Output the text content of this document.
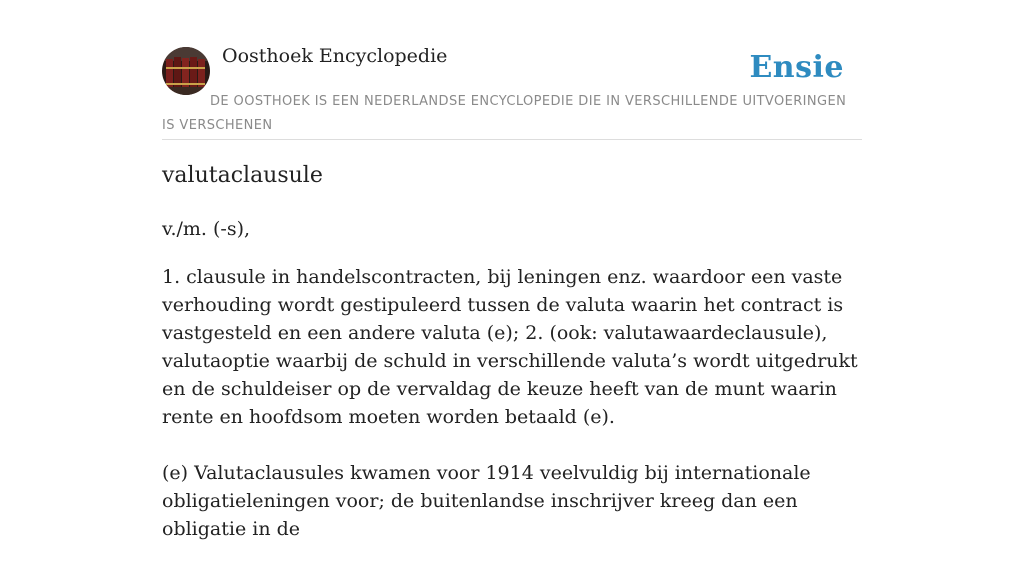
Oosthoek Encyclopedie	Ensie
DE OOSTHOEK IS EEN NEDERLANDSE ENCYCLOPEDIE DIE IN VERSCHILLENDE UITVOERINGEN IS VERSCHENEN
valutaclausule
v./m. (-s),

1. clausule in handelscontracten, bij leningen enz. waardoor een vaste verhouding wordt gestipuleerd tussen de valuta waarin het contract is vastgesteld en een andere valuta (e); 2. (ook: valutawaardeclausule), valutaoptie waarbij de schuld in verschillende valuta’s wordt uitgedrukt en de schuldeiser op de vervaldag de keuze heeft van de munt waarin rente en hoofdsom moeten worden betaald (e).

(e) Valutaclausules kwamen voor 1914 veelvuldig bij internationale obligatieleningen voor; de buitenlandse inschrijver kreeg dan een obligatie in de
